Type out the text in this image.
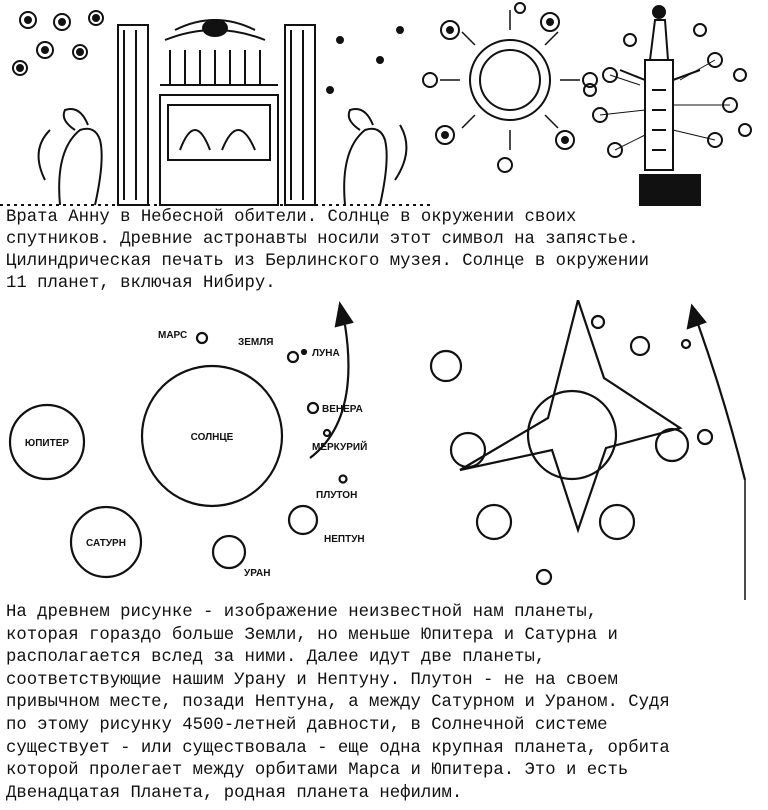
Врата Анну в Небесной обители. Солнце в окружении своих
спутников. Древние астронавты носили этот символ на запястье.
Цилиндрическая печать из Берлинского музея. Солнце в окружении
11 планет, включая Нибиру.
СОЛНЦЕ
ЮПИТЕР
САТУРН
УРАН
НЕПТУН
ПЛУТОН
МЕРКУРИЙ
ВЕНЕРА
ЗЕМЛЯ
ЛУНА
МАРС
На древнем рисунке - изображение неизвестной нам планеты,
которая гораздо больше Земли, но меньше Юпитера и Сатурна и
располагается вслед за ними. Далее идут две планеты,
соответствующие нашим Урану и Нептуну. Плутон - не на своем
привычном месте, позади Нептуна, а между Сатурном и Ураном. Судя
по этому рисунку 4500-летней давности, в Солнечной системе
существует - или существовала - еще одна крупная планета, орбита
которой пролегает между орбитами Марса и Юпитера. Это и есть
Двенадцатая Планета, родная планета нефилим.
